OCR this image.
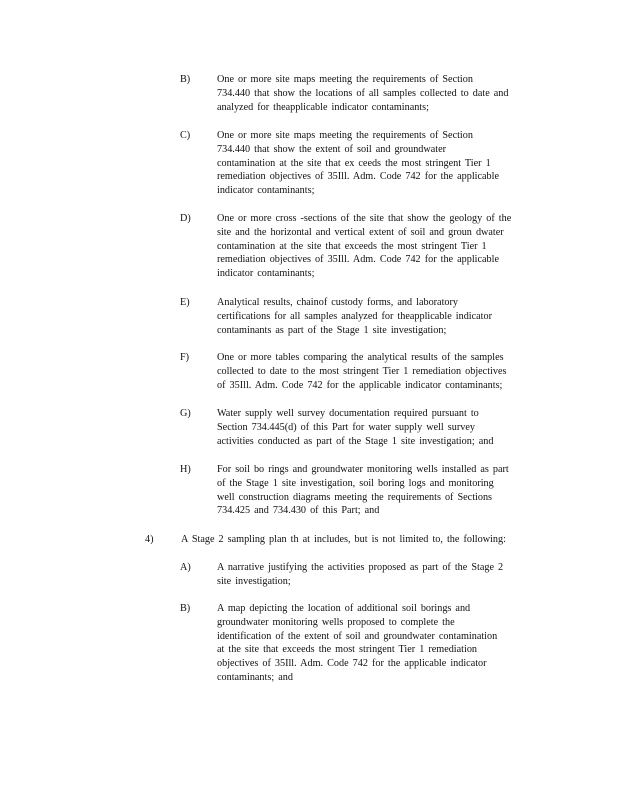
B)	One or more site maps meeting the requirements of Section
734.440 that show the locations of all samples collected to date and
analyzed for theapplicable indicator contaminants;
C)	One or more site maps meeting the requirements of Section
734.440 that show the extent of soil and groundwater
contamination at the site that ex ceeds the most stringent Tier 1
remediation objectives of 35Ill. Adm. Code 742 for the applicable
indicator contaminants;
D)	One or more cross -sections of the site that show the geology of the
site and the horizontal and vertical extent of soil and groun dwater
contamination at the site that exceeds the most stringent Tier 1
remediation objectives of 35Ill. Adm. Code 742 for the applicable
indicator contaminants;
E)	Analytical results, chainof custody forms, and laboratory
certifications for all samples analyzed for theapplicable indicator
contaminants as part of the Stage 1 site investigation;
F)	One or more tables comparing the analytical results of the samples
collected to date to the most stringent Tier 1 remediation objectives
of 35Ill. Adm. Code 742 for the applicable indicator contaminants;
G)	Water supply well survey documentation required pursuant to
Section 734.445(d) of this Part for water supply well survey
activities conducted as part of the Stage 1 site investigation; and
H)	For soil bo rings and groundwater monitoring wells installed as part
of the Stage 1 site investigation, soil boring logs and monitoring
well construction diagrams meeting the requirements of Sections
734.425 and 734.430 of this Part; and
4)	A Stage 2 sampling plan th at includes, but is not limited to, the following:
A)	A narrative justifying the activities proposed as part of the Stage 2
site investigation;
B)	A map depicting the location of additional soil borings and
groundwater monitoring wells proposed to complete the
identification of the extent of soil and groundwater contamination
at the site that exceeds the most stringent Tier 1 remediation
objectives of 35Ill. Adm. Code 742 for the applicable indicator
contaminants; and
